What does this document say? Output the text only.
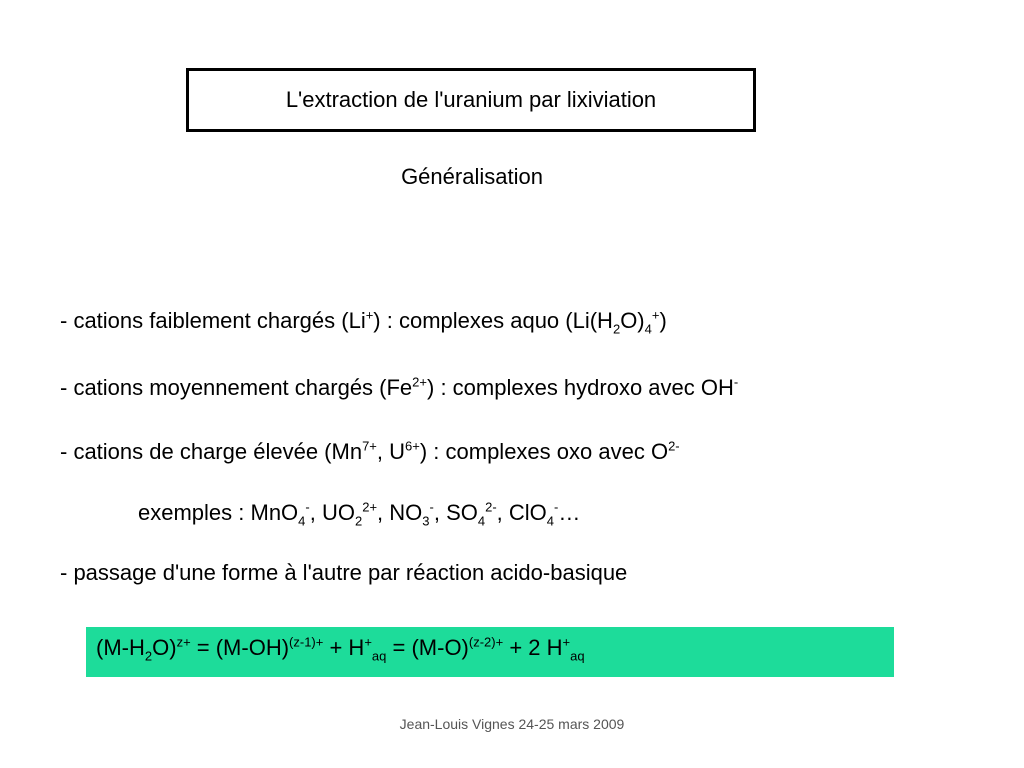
L'extraction de l'uranium par lixiviation
Généralisation
- cations faiblement chargés (Li+) : complexes aquo $(Li(H_2O)_4^+)$
- cations moyennement chargés $(Fe^{2+})$ : complexes hydroxo avec OH-
- cations de charge élevée ($Mn^{7+}$, $U^{6+}$) : complexes oxo avec $O^{2-}$
exemples : MnO$_4$-, $UO_2^{2+}$, $NO_3^-$, $SO_4^{2-}$, ClO$_4$-…
- passage d'une forme à l'autre par réaction acido-basique
$(M-H_2O)^{z+} = (M-OH)^{(z-1)+} + H^+_{aq} = (M-O)^{(z-2)+} + 2$ $H^+_{aq}$
Jean-Louis Vignes 24-25 mars 2009
